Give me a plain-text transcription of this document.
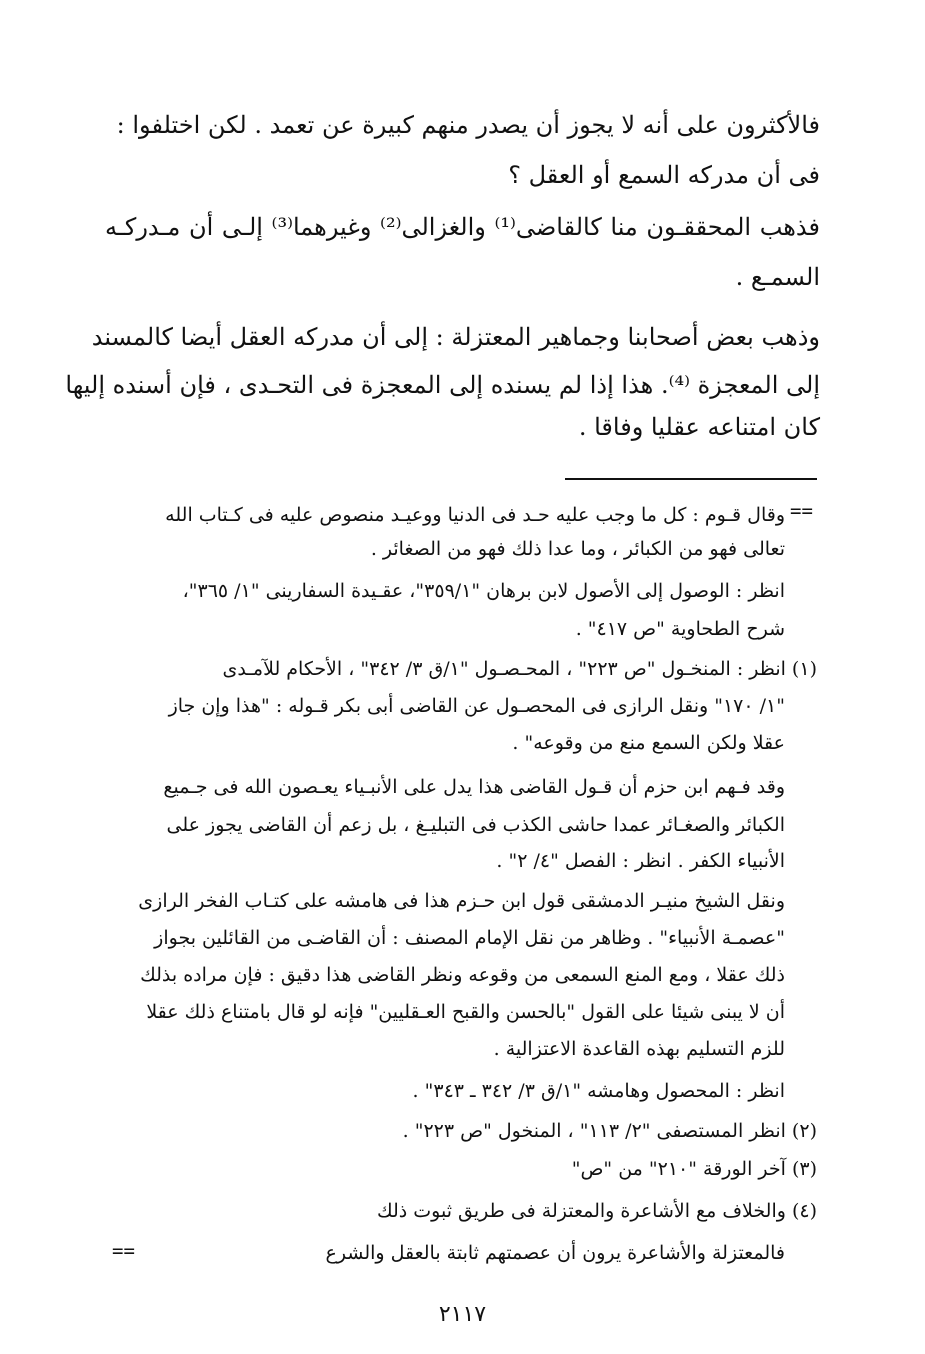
فالأكثرون على أنه لا يجوز أن يصدر منهم كبيرة عن تعمد . لكن اختلفوا :
فى أن مدركه السمع أو العقل ؟
فذهب المحققـون منا كالقاضى⁽¹⁾ والغزالى⁽²⁾ وغيرهما⁽³⁾ إلـى أن مـدركـه
السمـع .
وذهب بعض أصحابنا وجماهير المعتزلة : إلى أن مدركه العقل أيضا كالمسند
إلى المعجزة ⁽⁴⁾. هذا إذا لم يسنده إلى المعجزة فى التحـدى ، فإن أسنده إليها
كان امتناعه عقليا وفاقا .
==
وقال قـوم : كل ما وجب عليه حـد فى الدنيا ووعيـد منصوص عليه فى كـتاب الله
تعالى فهو من الكبائر ، وما عدا ذلك فهو من الصغائر .
انظر : الوصول إلى الأصول لابن برهان "٣٥٩/١"، عقـيدة السفارينى "١/ ٣٦٥"،
شرح الطحاوية "ص ٤١٧" .
(١) انظر : المنخـول "ص ٢٢٣" ، المحـصـول "١/ق ٣/ ٣٤٢" ، الأحكام للآمـدى
"١/ ١٧٠" ونقل الرازى فى المحصـول عن القاضى أبى بكر قـوله : "هذا وإن جاز
عقلا ولكن السمع منع من وقوعه" .
وقد فـهم ابن حزم أن قـول القاضى هذا يدل على الأنبـياء يعـصون الله فى جـميع
الكبائر والصغـائر عمدا حاشى الكذب فى التبليـغ ، بل زعم أن القاضى يجوز على
الأنبياء الكفر . انظر : الفصل "٤/ ٢" .
ونقل الشيخ منيـر الدمشقى قول ابن حـزم هذا فى هامشه على كتـاب الفخر الرازى
"عصمـة الأنبياء" . وظاهر من نقل الإمام المصنف : أن القاضـى من القائلين بجواز
ذلك عقلا ، ومع المنع السمعى من وقوعه ونظر القاضى هذا دقيق : فإن مراده بذلك
أن لا يبنى شيئا على القول "بالحسن والقبح العـقليين" فإنه لو قال بامتناع ذلك عقلا
للزم التسليم بهذه القاعدة الاعتزالية .
انظر : المحصول وهامشه "١/ق ٣/ ٣٤٢ ـ ٣٤٣" .
(٢) انظر المستصفى "٢/ ١١٣" ، المنخول "ص ٢٢٣" .
(٣) آخر الورقة "٢١٠" من "ص"
(٤) والخلاف مع الأشاعرة والمعتزلة فى طريق ثبوت ذلك
فالمعتزلة والأشاعرة يرون أن عصمتهم ثابتة بالعقل والشرع
==
٢١١٧
